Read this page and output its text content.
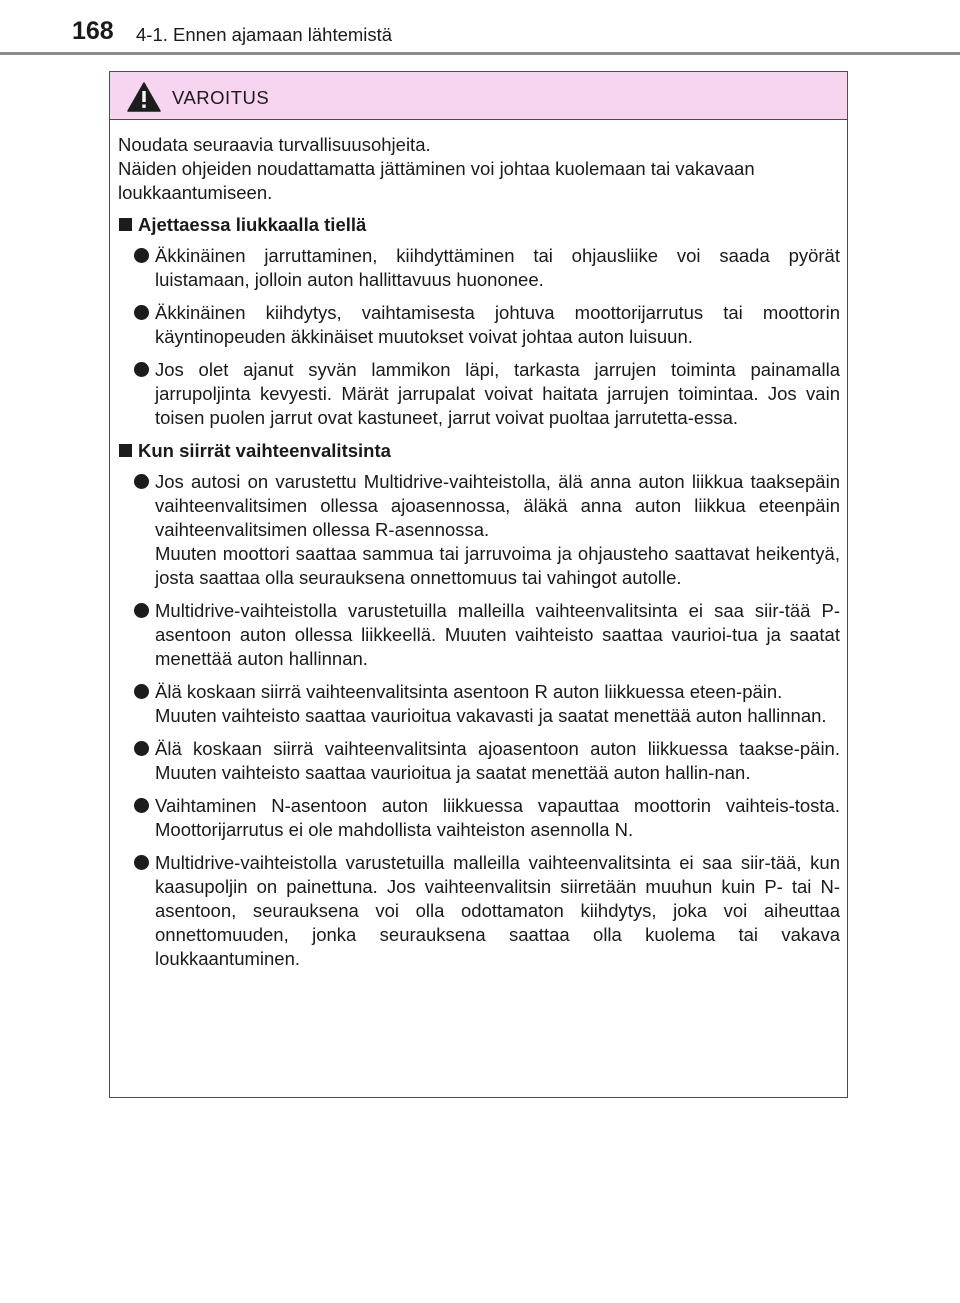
168 4-1. Ennen ajamaan lähtemistä
VAROITUS
Noudata seuraavia turvallisuusohjeita.
Näiden ohjeiden noudattamatta jättäminen voi johtaa kuolemaan tai vakavaan loukkaantumiseen.
Ajettaessa liukkaalla tiellä
Äkkinäinen jarruttaminen, kiihdyttäminen tai ohjausliike voi saada pyörät luistamaan, jolloin auton hallittavuus huononee.
Äkkinäinen kiihdytys, vaihtamisesta johtuva moottorijarrutus tai moottorin käyntinopeuden äkkinäiset muutokset voivat johtaa auton luisuun.
Jos olet ajanut syvän lammikon läpi, tarkasta jarrujen toiminta painamalla jarrupoljinta kevyesti. Märät jarrupalat voivat haitata jarrujen toimintaa. Jos vain toisen puolen jarrut ovat kastuneet, jarrut voivat puoltaa jarrutetta-essa.
Kun siirrät vaihteenvalitsinta
Jos autosi on varustettu Multidrive-vaihteistolla, älä anna auton liikkua taaksepäin vaihteenvalitsimen ollessa ajoasennossa, äläkä anna auton liikkua eteenpäin vaihteenvalitsimen ollessa R-asennossa.
Muuten moottori saattaa sammua tai jarruvoima ja ohjausteho saattavat heikentyä, josta saattaa olla seurauksena onnettomuus tai vahingot autolle.
Multidrive-vaihteistolla varustetuilla malleilla vaihteenvalitsinta ei saa siir-tää P-asentoon auton ollessa liikkeellä. Muuten vaihteisto saattaa vaurioi-tua ja saatat menettää auton hallinnan.
Älä koskaan siirrä vaihteenvalitsinta asentoon R auton liikkuessa eteen-päin.
Muuten vaihteisto saattaa vaurioitua vakavasti ja saatat menettää auton hallinnan.
Älä koskaan siirrä vaihteenvalitsinta ajoasentoon auton liikkuessa taakse-päin. Muuten vaihteisto saattaa vaurioitua ja saatat menettää auton hallin-nan.
Vaihtaminen N-asentoon auton liikkuessa vapauttaa moottorin vaihteis-tosta. Moottorijarrutus ei ole mahdollista vaihteiston asennolla N.
Multidrive-vaihteistolla varustetuilla malleilla vaihteenvalitsinta ei saa siir-tää, kun kaasupoljin on painettuna. Jos vaihteenvalitsin siirretään muuhun kuin P- tai N-asentoon, seurauksena voi olla odottamaton kiihdytys, joka voi aiheuttaa onnettomuuden, jonka seurauksena saattaa olla kuolema tai vakava loukkaantuminen.
